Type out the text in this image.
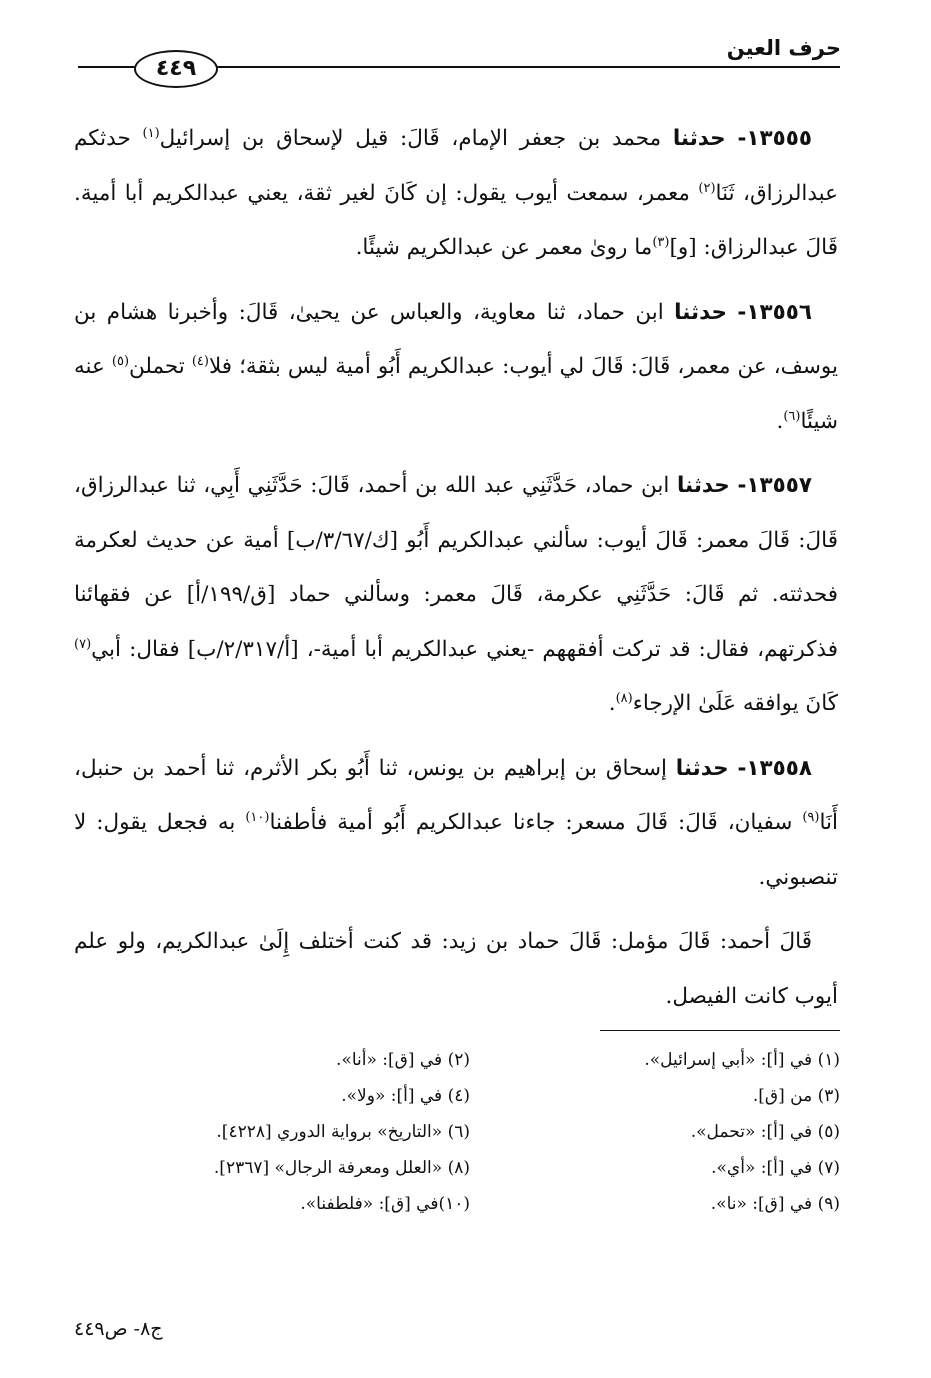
حرف العين
٤٤٩

١٣٥٥٥- حدثنا محمد بن جعفر الإمام، قَالَ: قيل لإسحاق بن إسرائيل$^{(١)}$ حدثكم عبدالرزاق، ثَنَا$^{(٢)}$ معمر، سمعت أيوب يقول: إن كَانَ لغير ثقة، يعني عبدالكريم أبا أمية. قَالَ عبدالرزاق: [و]$^{(٣)}$ما روىٰ معمر عن عبدالكريم شيئًا.

١٣٥٥٦- حدثنا ابن حماد، ثنا معاوية، والعباس عن يحيىٰ، قَالَ: وأخبرنا هشام بن يوسف، عن معمر، قَالَ: قَالَ لي أيوب: عبدالكريم أَبُو أمية ليس بثقة؛ فلا$^{(٤)}$ تحملن$^{(٥)}$ عنه شيئًا$^{(٦)}$.

١٣٥٥٧- حدثنا ابن حماد، حَدَّثَنِي عبد الله بن أحمد، قَالَ: حَدَّثَنِي أَبِي، ثنا عبدالرزاق، قَالَ: قَالَ معمر: قَالَ أيوب: سألني عبدالكريم أَبُو [ك/٣/٦٧/ب] أمية عن حديث لعكرمة فحدثته. ثم قَالَ: حَدَّثَنِي عكرمة، قَالَ معمر: وسألني حماد [ق/١٩٩/أ] عن فقهائنا فذكرتهم، فقال: قد تركت أفقههم -يعني عبدالكريم أبا أمية-، [أ/٢/٣١٧/ب] فقال: أبي$^{(٧)}$ كَانَ يوافقه عَلَىٰ الإرجاء$^{(٨)}$.

١٣٥٥٨- حدثنا إسحاق بن إبراهيم بن يونس، ثنا أَبُو بكر الأثرم، ثنا أحمد بن حنبل، أَنَا$^{(٩)}$ سفيان، قَالَ: قَالَ مسعر: جاءنا عبدالكريم أَبُو أمية فأطفنا$^{(١٠)}$ به فجعل يقول: لا تنصبوني.

قَالَ أحمد: قَالَ مؤمل: قَالَ حماد بن زيد: قد كنت أختلف إِلَىٰ عبدالكريم، ولو علم أيوب كانت الفيصل.

(١) في [أ]: «أبي إسرائيل».
(٢) في [ق]: «أنا».
(٣) من [ق].
(٤) في [أ]: «ولا».
(٥) في [أ]: «تحمل».
(٦) «التاريخ» برواية الدوري [٤٢٢٨].
(٧) في [أ]: «أي».
(٨) «العلل ومعرفة الرجال» [٢٣٦٧].
(٩) في [ق]: «نا».
(١٠)في [ق]: «فلطفنا».
ج٨- ص٤٤٩
